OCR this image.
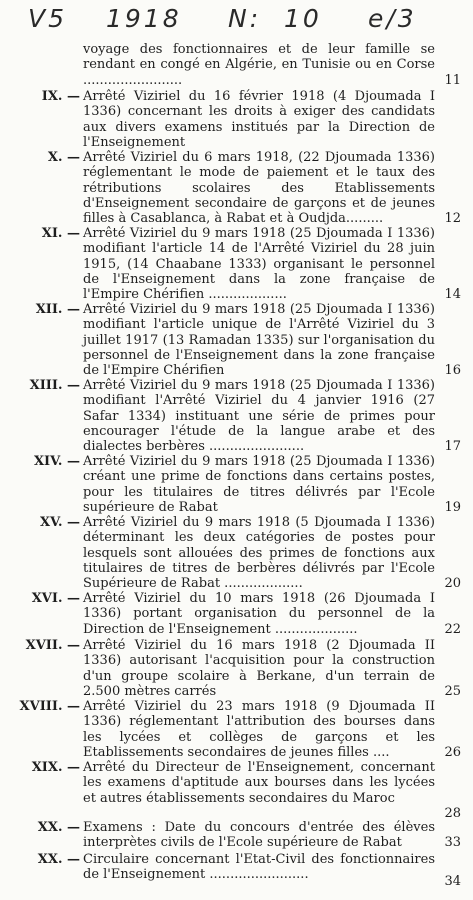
V5 1918 N: 10 e/3
voyage des fonctionnaires et de leur famille se rendant en congé en Algérie, en Tunisie ou en Corse ........................	11
IX. — Arrêté Viziriel du 16 février 1918 (4 Djoumada I 1336) concernant les droits à exiger des candidats aux divers examens institués par la Direction de l'Enseignement
X. — Arrêté Viziriel du 6 mars 1918, (22 Djoumada 1336) réglementant le mode de paiement et le taux des rétributions scolaires des Etablissements d'Enseignement secondaire de garçons et de jeunes filles à Casablanca, à Rabat et à Oudjda.........	12
XI. — Arrêté Viziriel du 9 mars 1918 (25 Djoumada I 1336) modifiant l'article 14 de l'Arrêté Viziriel du 28 juin 1915, (14 Chaabane 1333) organisant le personnel de l'Enseignement dans la zone française de l'Empire Chérifien ...................	14
XII. — Arrêté Viziriel du 9 mars 1918 (25 Djoumada I 1336) modifiant l'article unique de l'Arrêté Viziriel du 3 juillet 1917 (13 Ramadan 1335) sur l'organisation du personnel de l'Enseignement dans la zone française de l'Empire Chérifien	16
XIII. — Arrêté Viziriel du 9 mars 1918 (25 Djoumada I 1336) modifiant l'Arrêté Viziriel du 4 janvier 1916 (27 Safar 1334) instituant une série de primes pour encourager l'étude de la langue arabe et des dialectes berbères .......................	17
XIV. — Arrêté Viziriel du 9 mars 1918 (25 Djoumada I 1336) créant une prime de fonctions dans certains postes, pour les titulaires de titres délivrés par l'Ecole supérieure de Rabat	19
XV. — Arrêté Viziriel du 9 mars 1918 (5 Djoumada I 1336) déterminant les deux catégories de postes pour lesquels sont allouées des primes de fonctions aux titulaires de titres de berbères délivrés par l'Ecole Supérieure de Rabat ...................	20
XVI. — Arrêté Viziriel du 10 mars 1918 (26 Djoumada I 1336) portant organisation du personnel de la Direction de l'Enseignement ....................	22
XVII. — Arrêté Viziriel du 16 mars 1918 (2 Djoumada II 1336) autorisant l'acquisition pour la construction d'un groupe scolaire à Berkane, d'un terrain de 2.500 mètres carrés	25
XVIII. — Arrêté Viziriel du 23 mars 1918 (9 Djoumada II 1336) réglementant l'attribution des bourses dans les lycées et collèges de garçons et les Etablissements secondaires de jeunes filles ....	26
XIX. — Arrêté du Directeur de l'Enseignement, concernant les examens d'aptitude aux bourses dans les lycées et autres établissements secondaires du Maroc
28
XX. — Examens : Date du concours d'entrée des élèves interprètes civils de l'Ecole supérieure de Rabat	33
XX. — Circulaire concernant l'Etat-Civil des fonctionnaires de l'Enseignement ........................	34
